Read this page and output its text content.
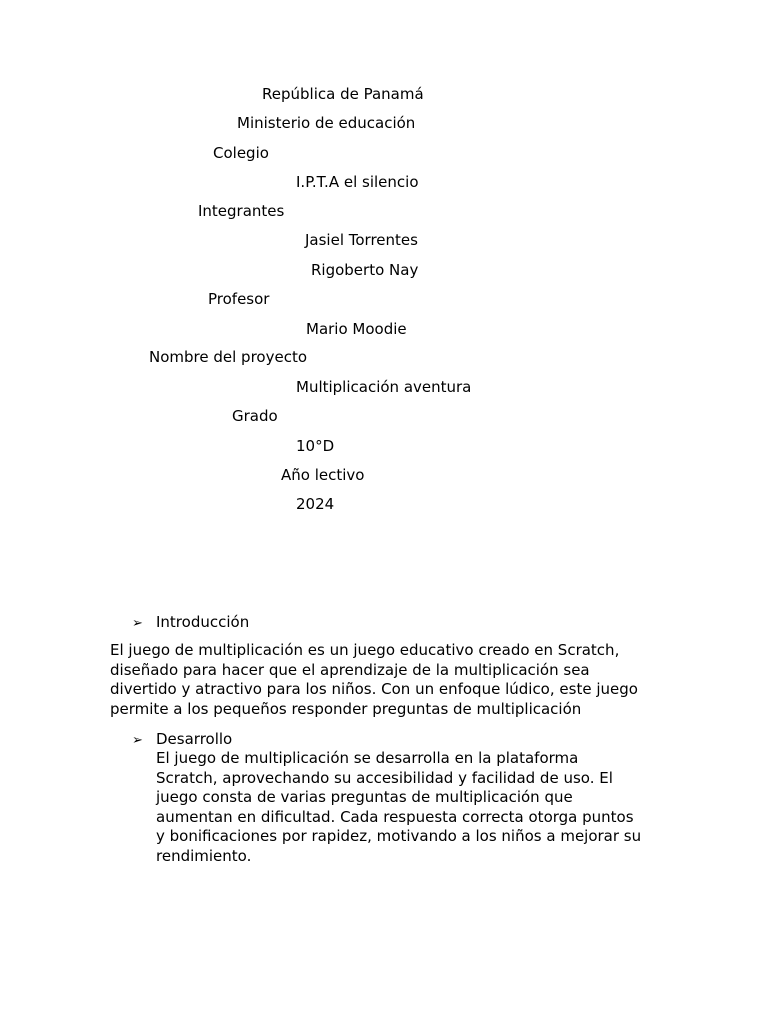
República de Panamá
Ministerio de educación
Colegio
I.P.T.A el silencio
Integrantes
Jasiel Torrentes
Rigoberto Nay
Profesor
Mario Moodie
Nombre del proyecto
Multiplicación aventura
Grado
10°D
Año lectivo
2024
➢ Introducción
El juego de multiplicación es un juego educativo creado en Scratch,
diseñado para hacer que el aprendizaje de la multiplicación sea
divertido y atractivo para los niños. Con un enfoque lúdico, este juego
permite a los pequeños responder preguntas de multiplicación
➢ Desarrollo
El juego de multiplicación se desarrolla en la plataforma
Scratch, aprovechando su accesibilidad y facilidad de uso. El
juego consta de varias preguntas de multiplicación que
aumentan en dificultad. Cada respuesta correcta otorga puntos
y bonificaciones por rapidez, motivando a los niños a mejorar su
rendimiento.
